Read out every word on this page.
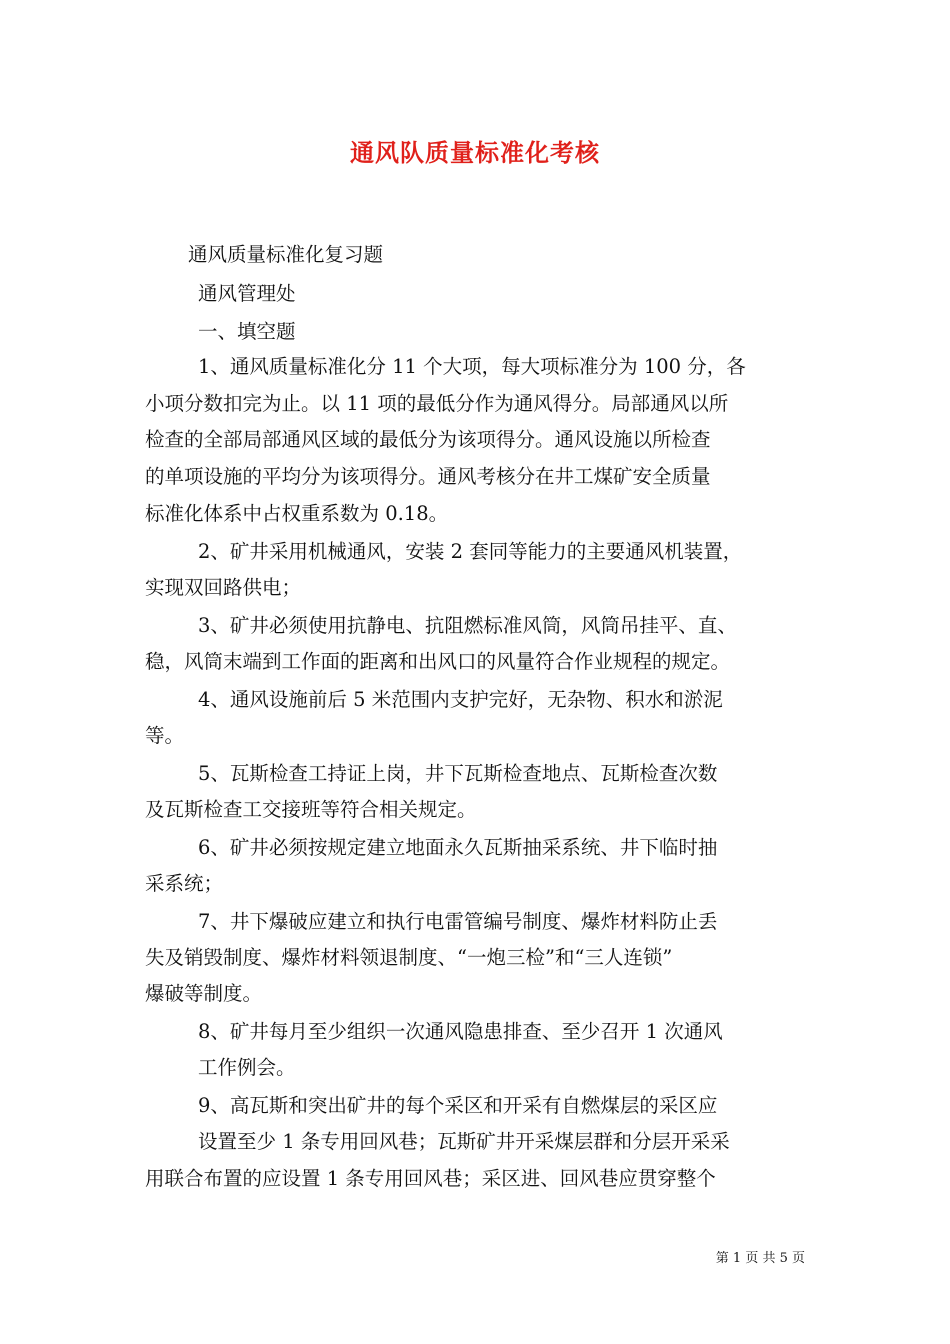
通风队质量标准化考核
通风质量标准化复习题
通风管理处
一、填空题
1、通风质量标准化分 11 个大项，每大项标准分为 100 分，各
小项分数扣完为止。以 11 项的最低分作为通风得分。局部通风以所
检查的全部局部通风区域的最低分为该项得分。通风设施以所检查
的单项设施的平均分为该项得分。通风考核分在井工煤矿安全质量
标准化体系中占权重系数为 0.18。
2、矿井采用机械通风，安装 2 套同等能力的主要通风机装置，
实现双回路供电；
3、矿井必须使用抗静电、抗阻燃标准风筒，风筒吊挂平、直、
稳，风筒末端到工作面的距离和出风口的风量符合作业规程的规定。
4、通风设施前后 5 米范围内支护完好，无杂物、积水和淤泥
等。
5、瓦斯检查工持证上岗，井下瓦斯检查地点、瓦斯检查次数
及瓦斯检查工交接班等符合相关规定。
6、矿井必须按规定建立地面永久瓦斯抽采系统、井下临时抽
采系统；
7、井下爆破应建立和执行电雷管编号制度、爆炸材料防止丢
失及销毁制度、爆炸材料领退制度、“一炮三检”和“三人连锁”
爆破等制度。
8、矿井每月至少组织一次通风隐患排查、至少召开 1 次通风
工作例会。
9、高瓦斯和突出矿井的每个采区和开采有自燃煤层的采区应
设置至少 1 条专用回风巷；瓦斯矿井开采煤层群和分层开采采
用联合布置的应设置 1 条专用回风巷；采区进、回风巷应贯穿整个
第 1 页 共 5 页
